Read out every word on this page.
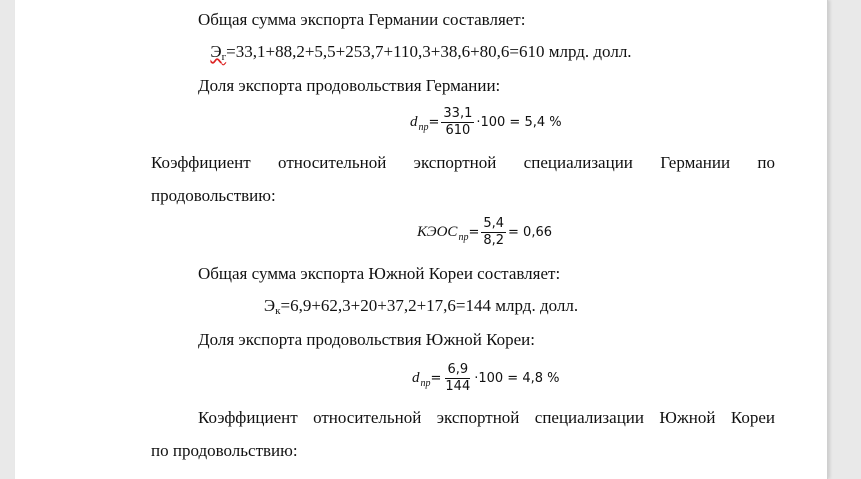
Общая сумма экспорта Германии составляет:
$Э_г=33,1+88,2+5,5+253,7+110,3+38,6+80,6=610$ млрд. долл.
Доля экспорта продовольствия Германии:
d пр = $\frac{33,1}{610} \cdot 100 = 5,4$ %
Коэффициент относительной экспортной специализации Германии по
продовольствию:
КЭОС пр = $\frac{5,4}{8,2} = 0,66$
Общая сумма экспорта Южной Кореи составляет:
$Э_к=6,9+62,3+20+37,2+17,6=144$ млрд. долл.
Доля экспорта продовольствия Южной Кореи:
d пр = $\frac{6,9}{144} \cdot 100 = 4,8$ %
Коэффициент относительной экспортной специализации Южной Кореи
по продовольствию:
